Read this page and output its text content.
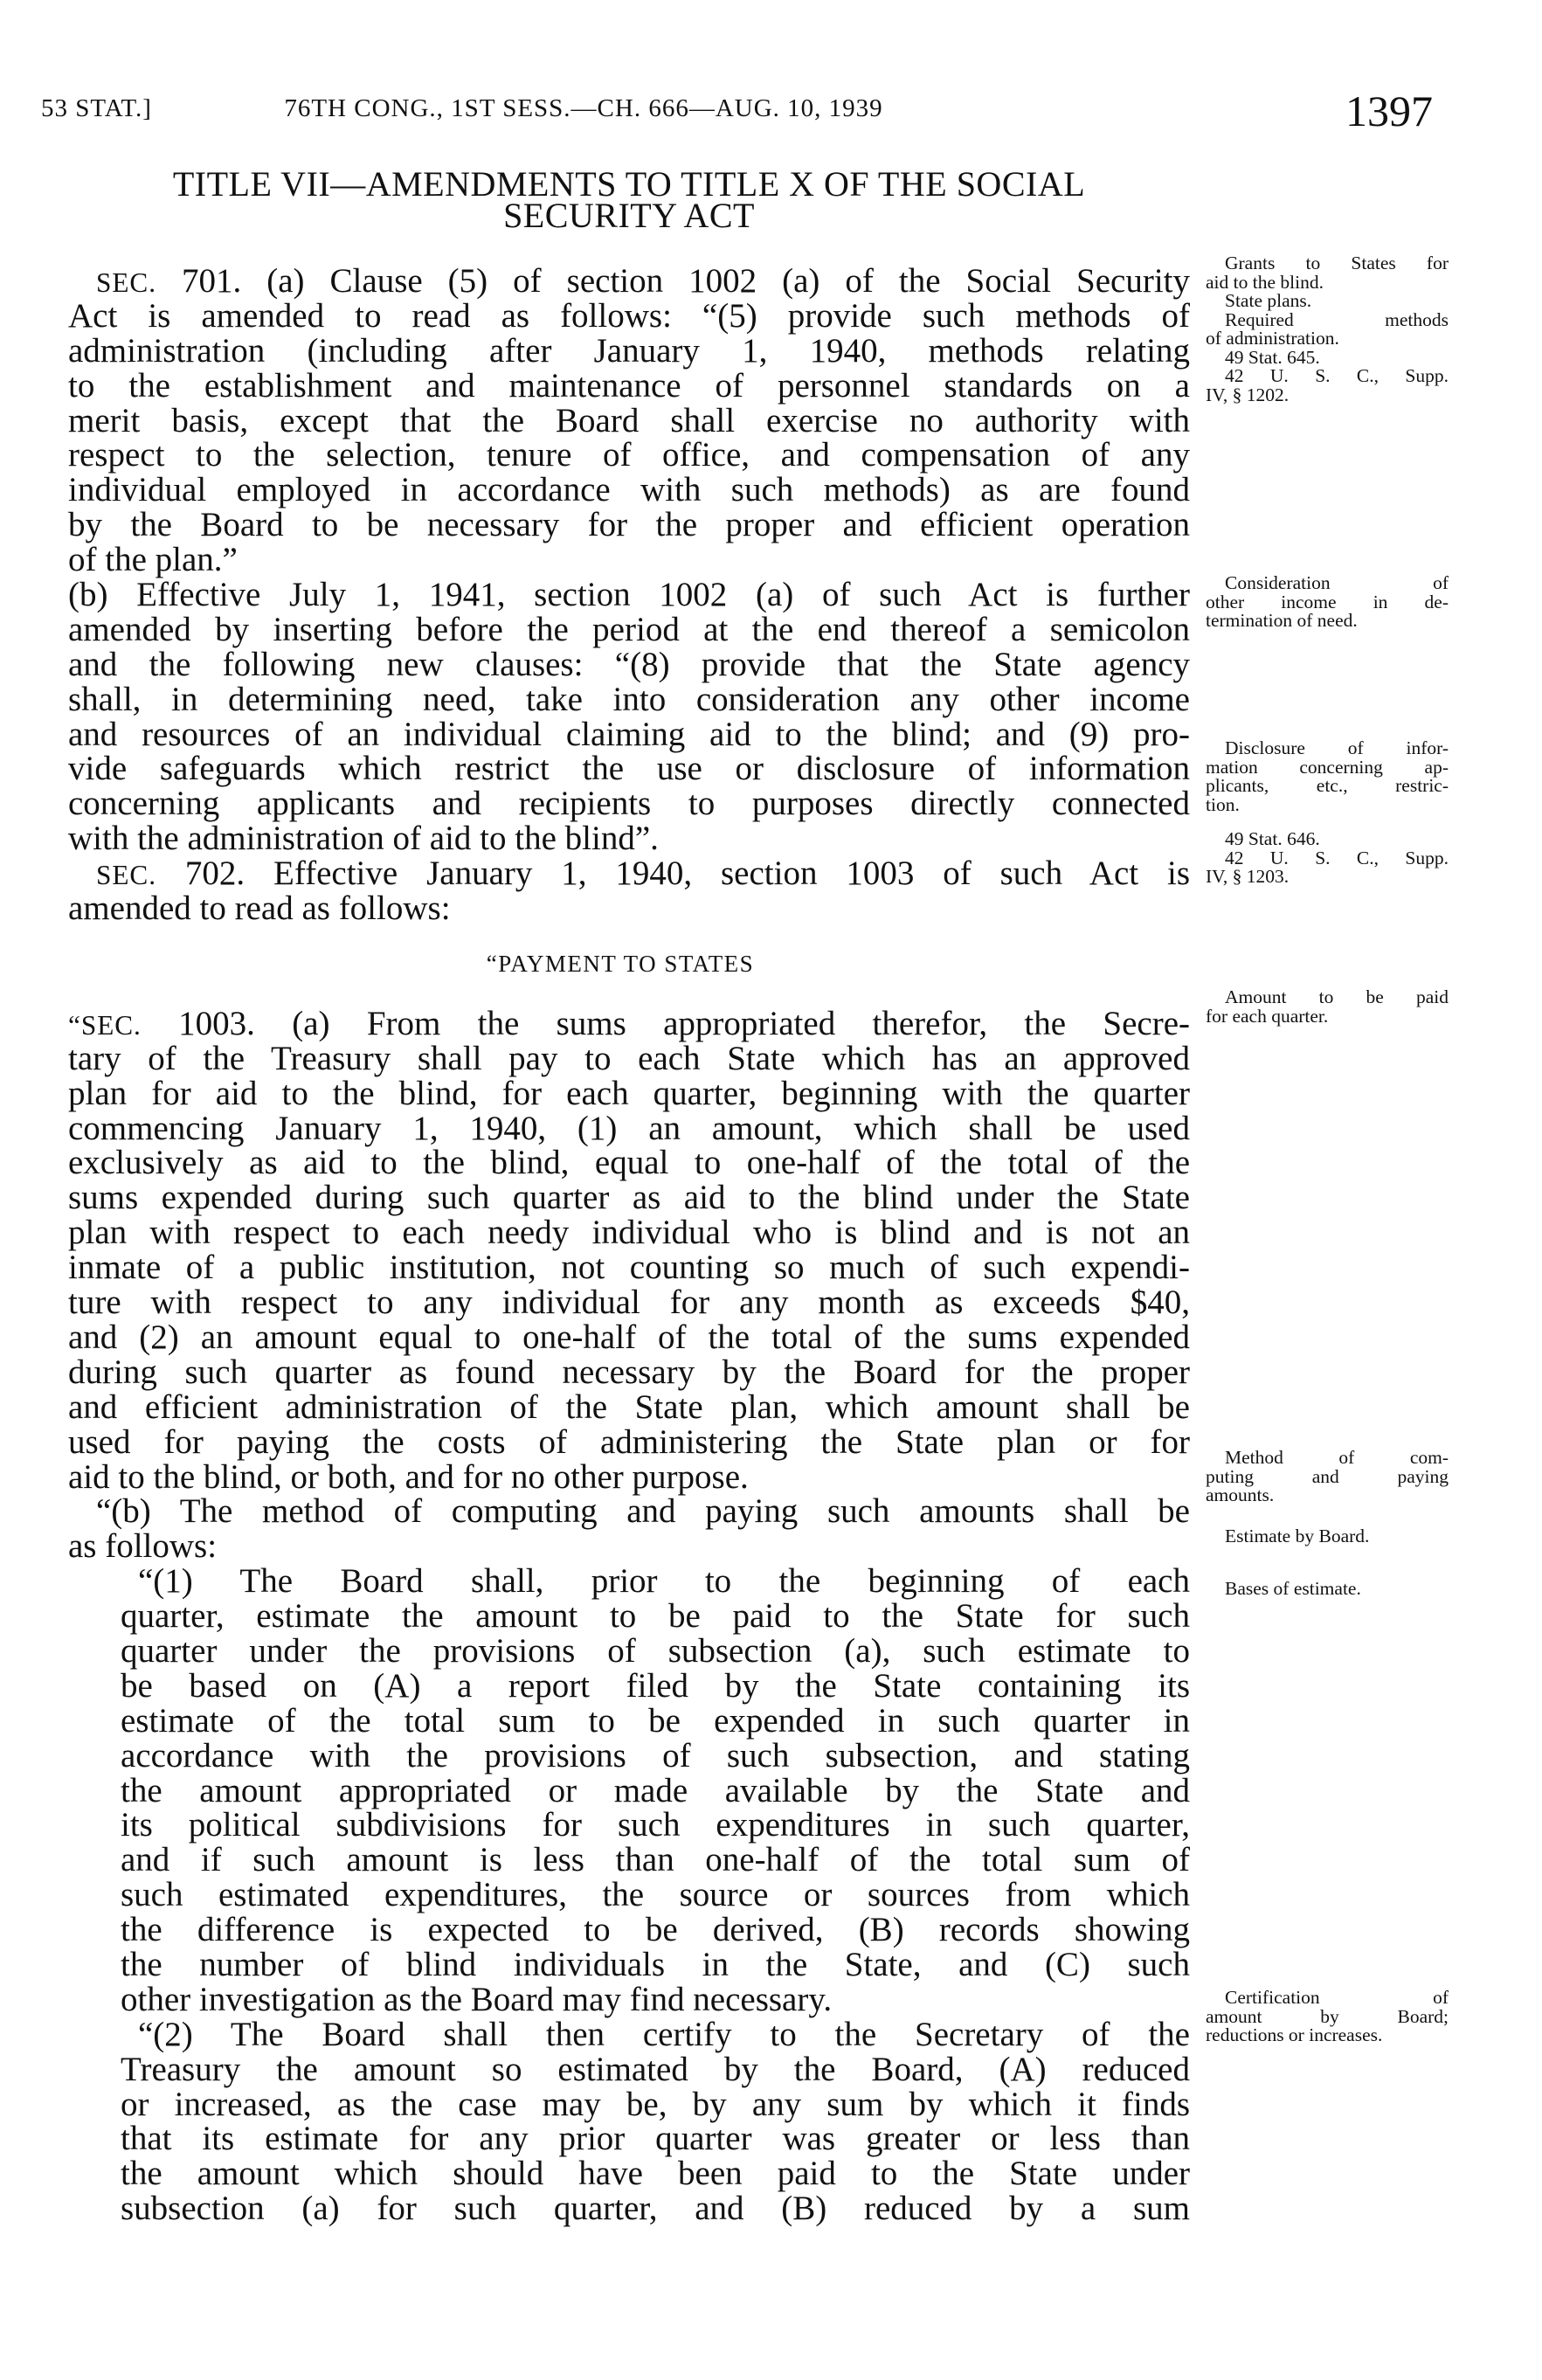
53 STAT.]	76TH CONG., 1ST SESS.—CH. 666—AUG. 10, 1939	1397
TITLE VII—AMENDMENTS TO TITLE X OF THE SOCIAL
SECURITY ACT
SEC. 701. (a) Clause (5) of section 1002 (a) of the Social Security
Act is amended to read as follows: “(5) provide such methods of
administration (including after January 1, 1940, methods relating
to the establishment and maintenance of personnel standards on a
merit basis, except that the Board shall exercise no authority with
respect to the selection, tenure of office, and compensation of any
individual employed in accordance with such methods) as are found
by the Board to be necessary for the proper and efficient operation
of the plan.”
(b) Effective July 1, 1941, section 1002 (a) of such Act is further
amended by inserting before the period at the end thereof a semicolon
and the following new clauses: “(8) provide that the State agency
shall, in determining need, take into consideration any other income
and resources of an individual claiming aid to the blind; and (9) pro-
vide safeguards which restrict the use or disclosure of information
concerning applicants and recipients to purposes directly connected
with the administration of aid to the blind”.
SEC. 702. Effective January 1, 1940, section 1003 of such Act is
amended to read as follows:
“PAYMENT TO STATES
“SEC. 1003. (a) From the sums appropriated therefor, the Secre-
tary of the Treasury shall pay to each State which has an approved
plan for aid to the blind, for each quarter, beginning with the quarter
commencing January 1, 1940, (1) an amount, which shall be used
exclusively as aid to the blind, equal to one-half of the total of the
sums expended during such quarter as aid to the blind under the State
plan with respect to each needy individual who is blind and is not an
inmate of a public institution, not counting so much of such expendi-
ture with respect to any individual for any month as exceeds $40,
and (2) an amount equal to one-half of the total of the sums expended
during such quarter as found necessary by the Board for the proper
and efficient administration of the State plan, which amount shall be
used for paying the costs of administering the State plan or for
aid to the blind, or both, and for no other purpose.
“(b) The method of computing and paying such amounts shall be
as follows:
“(1) The Board shall, prior to the beginning of each
quarter, estimate the amount to be paid to the State for such
quarter under the provisions of subsection (a), such estimate to
be based on (A) a report filed by the State containing its
estimate of the total sum to be expended in such quarter in
accordance with the provisions of such subsection, and stating
the amount appropriated or made available by the State and
its political subdivisions for such expenditures in such quarter,
and if such amount is less than one-half of the total sum of
such estimated expenditures, the source or sources from which
the difference is expected to be derived, (B) records showing
the number of blind individuals in the State, and (C) such
other investigation as the Board may find necessary.
“(2) The Board shall then certify to the Secretary of the
Treasury the amount so estimated by the Board, (A) reduced
or increased, as the case may be, by any sum by which it finds
that its estimate for any prior quarter was greater or less than
the amount which should have been paid to the State under
subsection (a) for such quarter, and (B) reduced by a sum
Grants to States for
aid to the blind.
State plans.
Required methods
of administration.
49 Stat. 645.
42 U. S. C., Supp.
IV, § 1202.
Consideration of
other income in de-
termination of need.
Disclosure of infor-
mation concerning ap-
plicants, etc., restric-
tion.
49 Stat. 646.
42 U. S. C., Supp.
IV, § 1203.
Amount to be paid
for each quarter.
Method of com-
puting and paying
amounts.
Estimate by Board.
Bases of estimate.
Certification of
amount by Board;
reductions or increases.
